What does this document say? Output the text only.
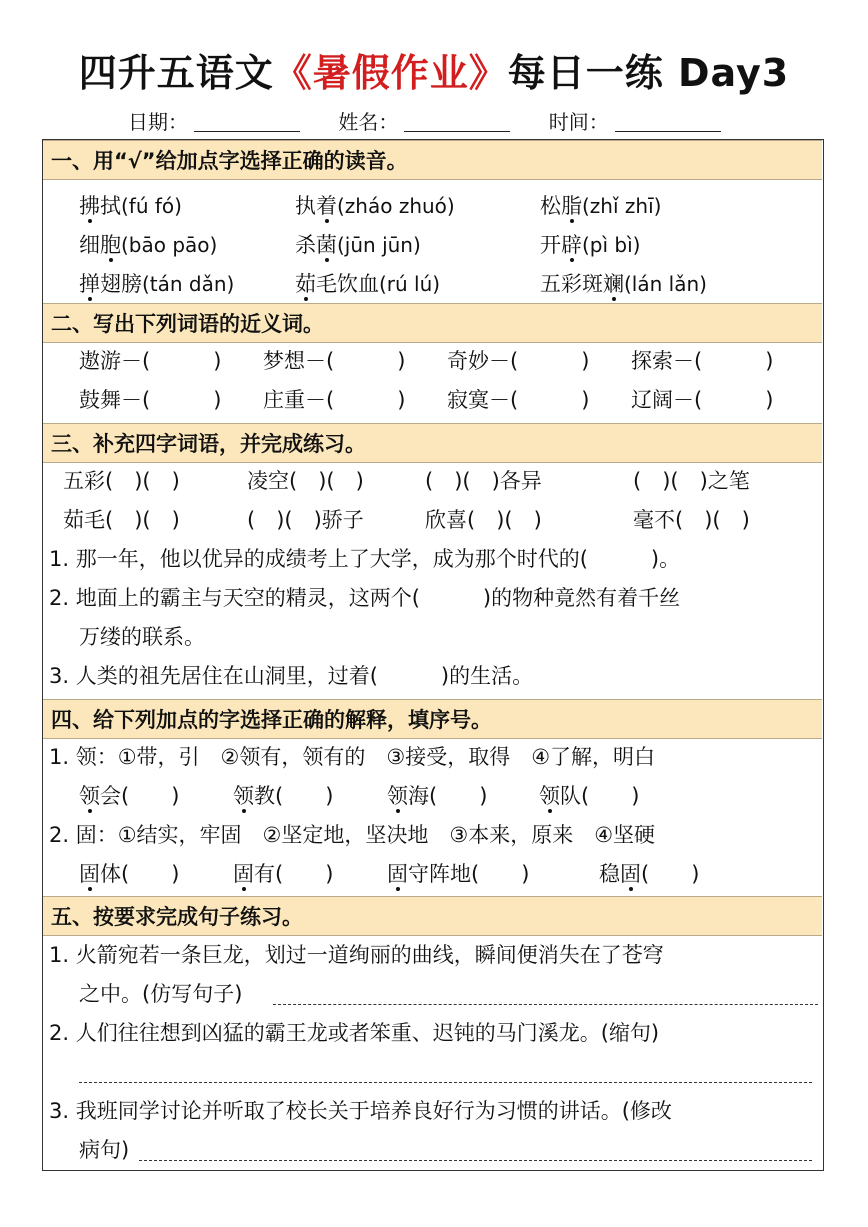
四升五语文《暑假作业》每日一练 Day3
日期：	姓名：	时间：
一、用“√”给加点字选择正确的读音。
拂拭(fú fó)	执着(zháo zhuó)	松脂(zhǐ zhī)
细胞(bāo pāo)	杀菌(jūn jūn)	开辟(pì bì)
掸翅膀(tán dǎn)	茹毛饮血(rú lú)	五彩斑斓(lán lǎn)
二、写出下列词语的近义词。
遨游－(　　　) 梦想－(　　　) 奇妙－(　　　) 探索－(　　　)
鼓舞－(　　　) 庄重－(　　　) 寂寞－(　　　) 辽阔－(　　　)
三、补充四字词语，并完成练习。
五彩(　)(　)	凌空(　)(　)	(　)(　)各异	(　)(　)之笔
茹毛(　)(　)	(　)(　)骄子	欣喜(　)(　)	毫不(　)(　)
1. 那一年，他以优异的成绩考上了大学，成为那个时代的(　　　)。
2. 地面上的霸主与天空的精灵，这两个(　　　)的物种竟然有着千丝
万缕的联系。
3. 人类的祖先居住在山洞里，过着(　　　)的生活。
四、给下列加点的字选择正确的解释，填序号。
1. 领：①带，引　②领有，领有的　③接受，取得　④了解，明白
领会(　　)	领教(　　)	领海(　　) 领队(　　)
2. 固：①结实，牢固　②坚定地，坚决地　③本来，原来　④坚硬
固体(　　)	固有(　　)	固守阵地(　　)	稳固(　　)
五、按要求完成句子练习。
1. 火箭宛若一条巨龙，划过一道绚丽的曲线，瞬间便消失在了苍穹
之中。(仿写句子)
2. 人们往往想到凶猛的霸王龙或者笨重、迟钝的马门溪龙。(缩句)
3. 我班同学讨论并听取了校长关于培养良好行为习惯的讲话。(修改
病句)
